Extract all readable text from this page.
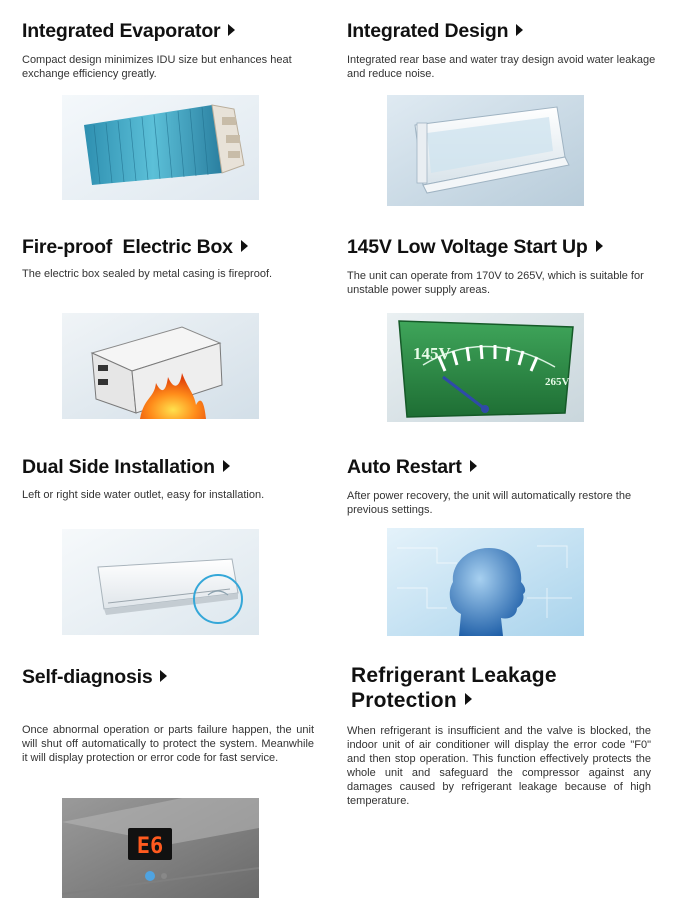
Integrated Evaporator
Compact design minimizes IDU size but enhances heat exchange efficiency greatly.
Integrated Design
Integrated rear base and water tray design avoid water leakage and reduce noise.
Fire-proof  Electric Box
The electric box sealed by metal casing is fireproof.
145V Low Voltage Start Up
The unit can operate from 170V to 265V, which is suitable for unstable power supply areas.
145V
265V
Dual Side Installation
Left or right side water outlet, easy for installation.
Auto Restart
After power recovery, the unit will automatically restore the previous settings.
Self-diagnosis
Once abnormal operation or parts failure happen, the unit will shut off automatically to protect the system. Meanwhile it will display protection or error code for fast service.
E6
Refrigerant Leakage
Protection
When refrigerant is insufficient and the valve is blocked, the indoor unit of air conditioner will display the error code "F0" and then stop operation. This function effectively protects the whole unit and safeguard the compressor against any damages caused by refrigerant leakage because of high temperature.
